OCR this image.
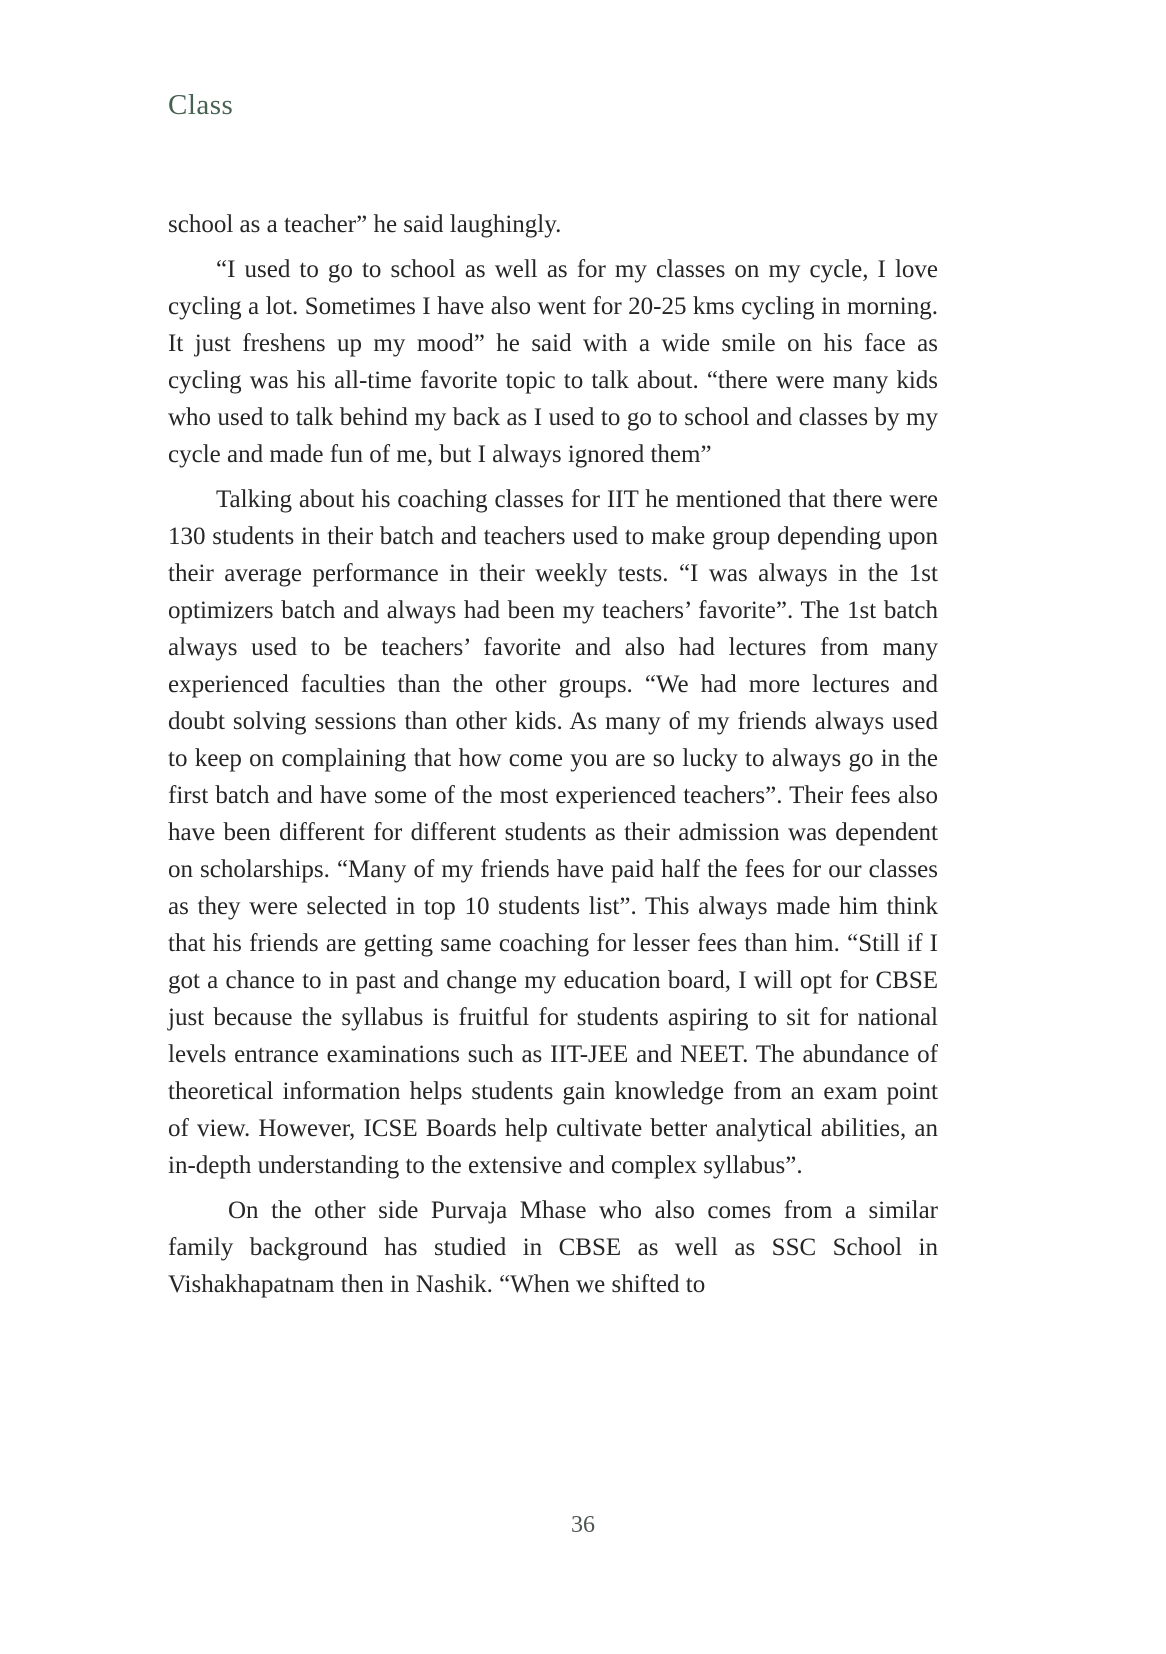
Class

school as a teacher” he said laughingly.

“I used to go to school as well as for my classes on my cycle, I love cycling a lot. Sometimes I have also went for 20-25 kms cycling in morning. It just freshens up my mood” he said with a wide smile on his face as cycling was his all-time favorite topic to talk about. “there were many kids who used to talk behind my back as I used to go to school and classes by my cycle and made fun of me, but I always ignored them”

Talking about his coaching classes for IIT he mentioned that there were 130 students in their batch and teachers used to make group depending upon their average performance in their weekly tests. “I was always in the 1st optimizers batch and always had been my teachers’ favorite”. The 1st batch always used to be teachers’ favorite and also had lectures from many experienced faculties than the other groups. “We had more lectures and doubt solving sessions than other kids. As many of my friends always used to keep on complaining that how come you are so lucky to always go in the first batch and have some of the most experienced teachers”. Their fees also have been different for different students as their admission was dependent on scholarships. “Many of my friends have paid half the fees for our classes as they were selected in top 10 students list”. This always made him think that his friends are getting same coaching for lesser fees than him. “Still if I got a chance to in past and change my education board, I will opt for CBSE just because the syllabus is fruitful for students aspiring to sit for national levels entrance examinations such as IIT-JEE and NEET. The abundance of theoretical information helps students gain knowledge from an exam point of view. However, ICSE Boards help cultivate better analytical abilities, an in-depth understanding to the extensive and complex syllabus”.

On the other side Purvaja Mhase who also comes from a similar family background has studied in CBSE as well as SSC School in Vishakhapatnam then in Nashik. “When we shifted to

36
